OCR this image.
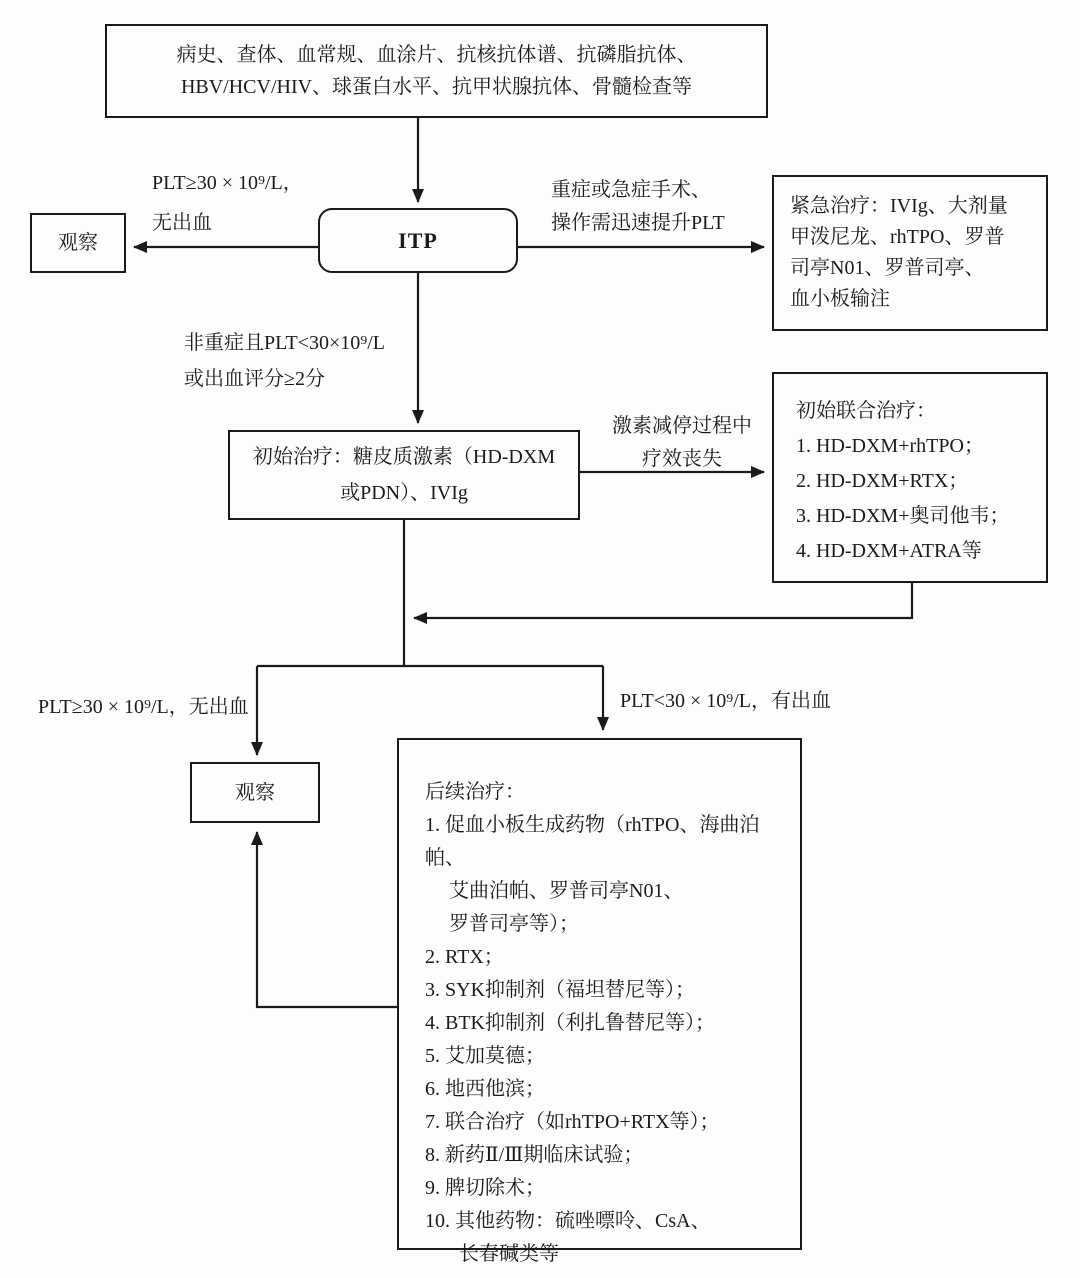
病史、查体、血常规、血涂片、抗核抗体谱、抗磷脂抗体、
HBV/HCV/HIV、球蛋白水平、抗甲状腺抗体、骨髓检查等
ITP
观察
紧急治疗：IVIg、大剂量
甲泼尼龙、rhTPO、罗普
司亭N01、罗普司亭、
血小板输注
初始治疗：糖皮质激素（HD-DXM
或PDN）、IVIg
初始联合治疗：
1. HD-DXM+rhTPO；
2. HD-DXM+RTX；
3. HD-DXM+奥司他韦；
4. HD-DXM+ATRA等
观察	后续治疗：
1. 促血小板生成药物（rhTPO、海曲泊帕、
艾曲泊帕、罗普司亭N01、
罗普司亭等）；
2. RTX；
3. SYK抑制剂（福坦替尼等）；
4. BTK抑制剂（利扎鲁替尼等）；
5. 艾加莫德；
6. 地西他滨；
7. 联合治疗（如rhTPO+RTX等）；
8. 新药Ⅱ/Ⅲ期临床试验；
9. 脾切除术；
10. 其他药物：硫唑嘌呤、CsA、
长春碱类等
PLT≥30 × 10⁹/L，
无出血
重症或急症手术、
操作需迅速提升PLT
非重症且PLT<30×10⁹/L
或出血评分≥2分
激素减停过程中
疗效丧失
PLT≥30 × 10⁹/L，无出血	PLT<30 × 10⁹/L，有出血
